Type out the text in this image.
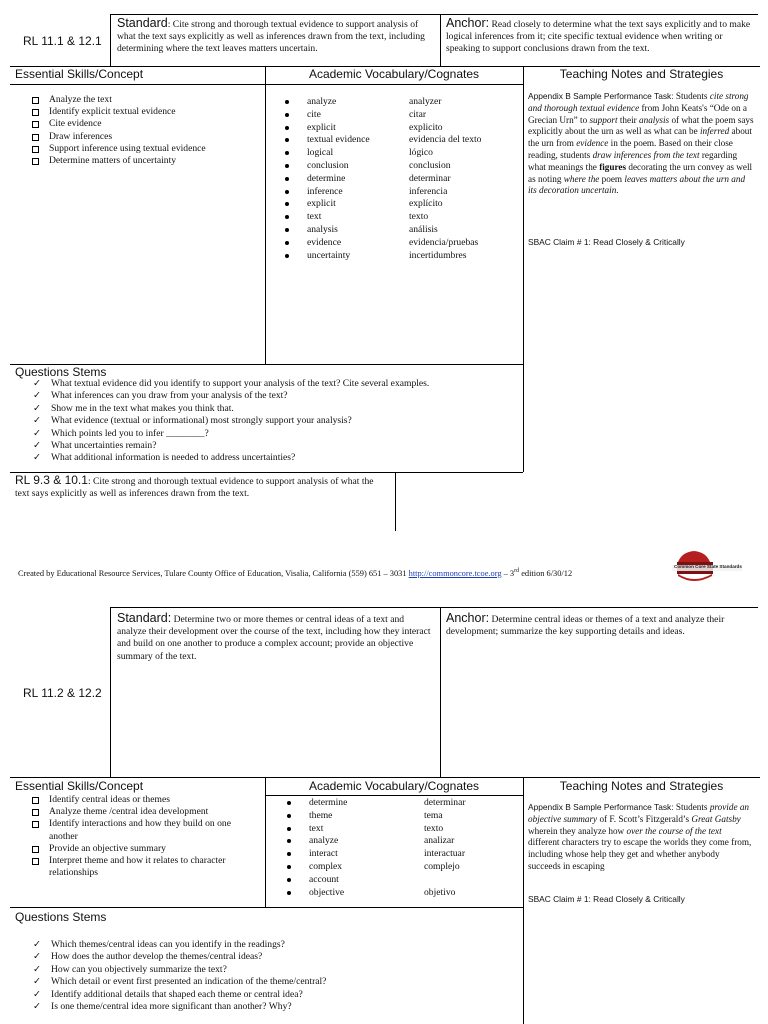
RL 11.1 & 12.1
Standard: Cite strong and thorough textual evidence to support analysis of what the text says explicitly as well as inferences drawn from the text, including determining where the text leaves matters uncertain.
Anchor: Read closely to determine what the text says explicitly and to make logical inferences from it; cite specific textual evidence when writing or speaking to support conclusions drawn from the text.
Essential Skills/Concept	Academic Vocabulary/Cognates	Teaching Notes and Strategies
Analyze the text
Identify explicit textual evidence
Cite evidence
Draw inferences
Support inference using textual evidence
Determine matters of uncertainty
analyze	analyzer
cite	citar
explicit	explicito
textual evidence	evidencia del texto
logical	lógico
conclusion	conclusion
determine	determinar
inference	inferencia
explicit	explícito
text	texto
analysis	análisis
evidence	evidencia/pruebas
uncertainty	incertidumbres
Appendix B Sample Performance Task: Students cite strong and thorough textual evidence from John Keats's “Ode on a Grecian Urn” to support their analysis of what the poem says explicitly about the urn as well as what can be inferred about the urn from evidence in the poem. Based on their close reading, students draw inferences from the text regarding what meanings the figures decorating the urn convey as well as noting where the poem leaves matters about the urn and its decoration uncertain.
SBAC Claim # 1: Read Closely & Critically
Questions Stems
✓ What textual evidence did you identify to support your analysis of the text? Cite several examples.
✓ What inferences can you draw from your analysis of the text?
✓ Show me in the text what makes you think that.
✓ What evidence (textual or informational) most strongly support your analysis?
✓ Which points led you to infer ________?
✓ What uncertainties remain?
✓ What additional information is needed to address uncertainties?
RL 9.3 & 10.1: Cite strong and thorough textual evidence to support analysis of what the text says explicitly as well as inferences drawn from the text.
Created by Educational Resource Services, Tulare County Office of Education, Visalia, California (559) 651 – 3031 http://commoncore.tcoe.org – 3rd edition 6/30/12
Common Core State Standards
RL 11.2 & 12.2
Standard: Determine two or more themes or central ideas of a text and analyze their development over the course of the text, including how they interact and build on one another to produce a complex account; provide an objective summary of the text.
Anchor: Determine central ideas or themes of a text and analyze their development; summarize the key supporting details and ideas.
Essential Skills/Concept	Academic Vocabulary/Cognates	Teaching Notes and Strategies
Identify central ideas or themes
Analyze theme /central idea development
Identify interactions and how they build on one another
Provide an objective summary
Interpret theme and how it relates to character relationships
determine	determinar
theme	tema
text	texto
analyze	analizar
interact	interactuar
complex	complejo
account
objective	objetivo
Appendix B Sample Performance Task: Students provide an objective summary of F. Scott’s Fitzgerald’s Great Gatsby wherein they analyze how over the course of the text different characters try to escape the worlds they come from, including whose help they get and whether anybody succeeds in escaping
SBAC Claim # 1: Read Closely & Critically
Questions Stems
✓ Which themes/central ideas can you identify in the readings?
✓ How does the author develop the themes/central ideas?
✓ How can you objectively summarize the text?
✓ Which detail or event first presented an indication of the theme/central?
✓ Identify additional details that shaped each theme or central idea?
✓ Is one theme/central idea more significant than another? Why?
